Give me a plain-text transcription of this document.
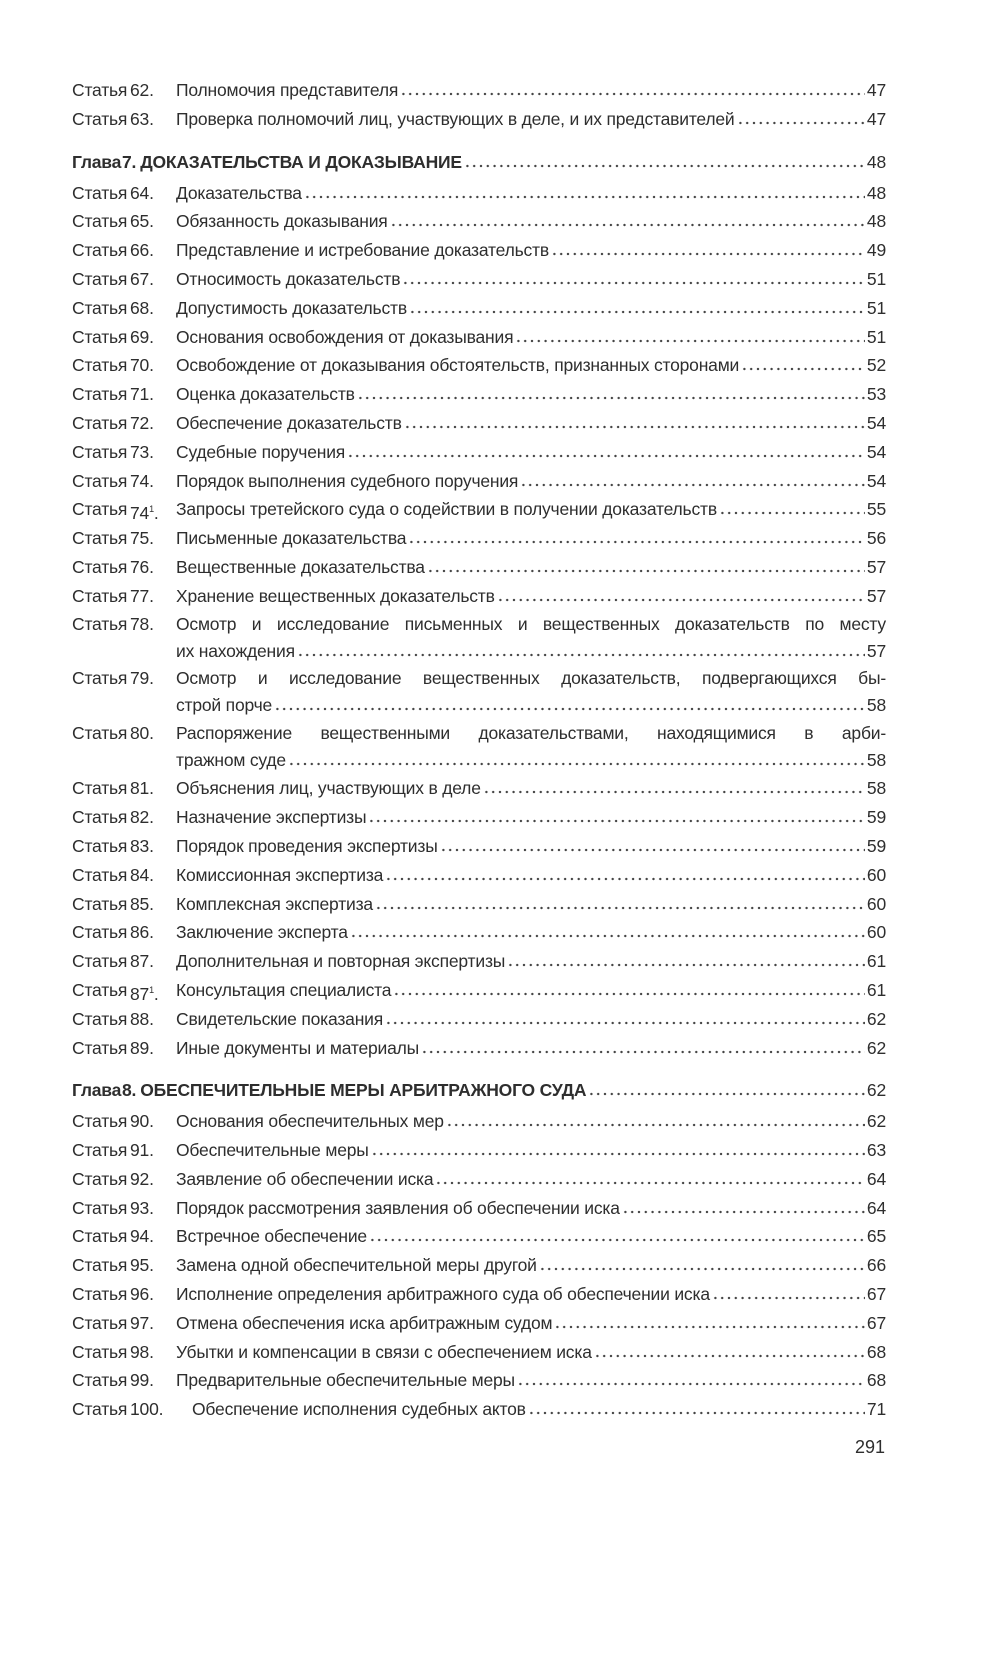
Статья 62.	Полномочия представителя	47
Статья 63.	Проверка полномочий лиц, участвующих в деле, и их представителей	47
Глава 7. ДОКАЗАТЕЛЬСТВА И ДОКАЗЫВАНИЕ	48
Статья 64.	Доказательства	48
Статья 65.	Обязанность доказывания	48
Статья 66.	Представление и истребование доказательств	49
Статья 67.	Относимость доказательств	51
Статья 68.	Допустимость доказательств	51
Статья 69.	Основания освобождения от доказывания	51
Статья 70.	Освобождение от доказывания обстоятельств, признанных сторонами	52
Статья 71.	Оценка доказательств	53
Статья 72.	Обеспечение доказательств	54
Статья 73.	Судебные поручения	54
Статья 74.	Порядок выполнения судебного поручения	54
Статья $74^1$. Запросы третейского суда о содействии в получении доказательств	55
Статья 75.	Письменные доказательства	56
Статья 76.	Вещественные доказательства	57
Статья 77.	Хранение вещественных доказательств	57
Статья 78.	Осмотр и исследование письменных и вещественных доказательств по месту
их нахождения	57
Статья 79.	Осмотр и исследование вещественных доказательств, подвергающихся бы-
строй порче	58
Статья 80.	Распоряжение вещественными доказательствами, находящимися в арби-
тражном суде	58
Статья 81.	Объяснения лиц, участвующих в деле	58
Статья 82.	Назначение экспертизы	59
Статья 83.	Порядок проведения экспертизы	59
Статья 84.	Комиссионная экспертиза	60
Статья 85.	Комплексная экспертиза	60
Статья 86.	Заключение эксперта	60
Статья 87.	Дополнительная и повторная экспертизы	61
Статья $87^1$. Консультация специалиста	61
Статья 88.	Свидетельские показания	62
Статья 89.	Иные документы и материалы	62
Глава 8. ОБЕСПЕЧИТЕЛЬНЫЕ МЕРЫ АРБИТРАЖНОГО СУДА	62
Статья 90.	Основания обеспечительных мер	62
Статья 91.	Обеспечительные меры	63
Статья 92.	Заявление об обеспечении иска	64
Статья 93.	Порядок рассмотрения заявления об обеспечении иска	64
Статья 94.	Встречное обеспечение	65
Статья 95.	Замена одной обеспечительной меры другой	66
Статья 96.	Исполнение определения арбитражного суда об обеспечении иска	67
Статья 97.	Отмена обеспечения иска арбитражным судом	67
Статья 98.	Убытки и компенсации в связи с обеспечением иска	68
Статья 99.	Предварительные обеспечительные меры	68
Статья 100.	Обеспечение исполнения судебных актов	71
291
